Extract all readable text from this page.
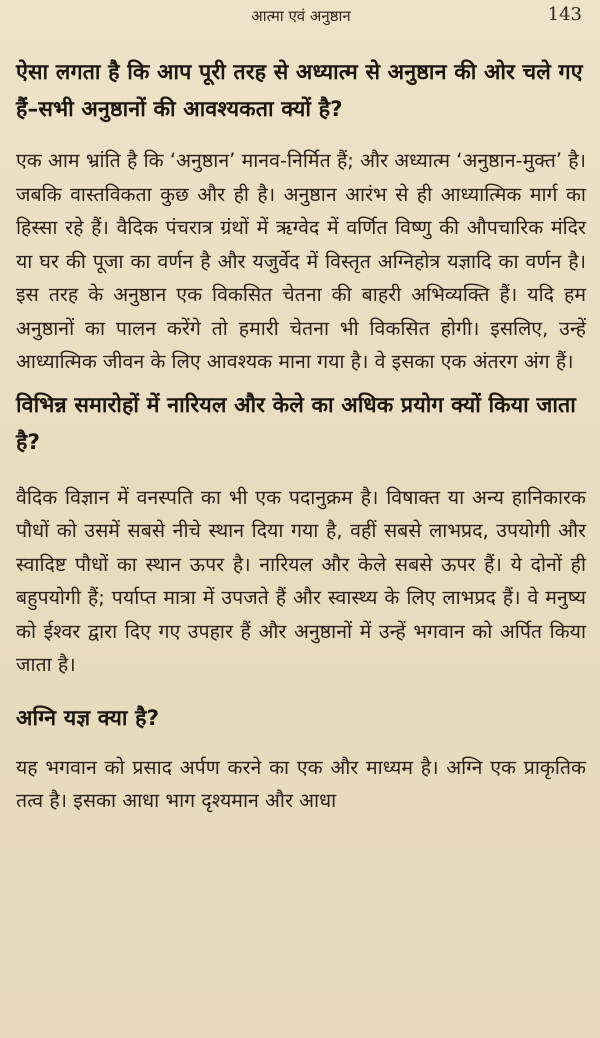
आत्मा एवं अनुष्ठान	143
ऐसा लगता है कि आप पूरी तरह से अध्यात्म से अनुष्ठान की ओर चले गए हैं–सभी अनुष्ठानों की आवश्यकता क्यों है?

एक आम भ्रांति है कि ‘अनुष्ठान’ मानव-निर्मित हैं; और अध्यात्म ‘अनुष्ठान-मुक्त’ है। जबकि वास्तविकता कुछ और ही है। अनुष्ठान आरंभ से ही आध्यात्मिक मार्ग का हिस्सा रहे हैं। वैदिक पंचरात्र ग्रंथों में ऋग्वेद में वर्णित विष्णु की औपचारिक मंदिर या घर की पूजा का वर्णन है और यजुर्वेद में विस्तृत अग्निहोत्र यज्ञादि का वर्णन है। इस तरह के अनुष्ठान एक विकसित चेतना की बाहरी अभिव्यक्ति हैं। यदि हम अनुष्ठानों का पालन करेंगे तो हमारी चेतना भी विकसित होगी। इसलिए, उन्हें आध्यात्मिक जीवन के लिए आवश्यक माना गया है। वे इसका एक अंतरग अंग हैं।

विभिन्न समारोहों में नारियल और केले का अधिक प्रयोग क्यों किया जाता है?

वैदिक विज्ञान में वनस्पति का भी एक पदानुक्रम है। विषाक्त या अन्य हानिकारक पौधों को उसमें सबसे नीचे स्थान दिया गया है, वहीं सबसे लाभप्रद, उपयोगी और स्वादिष्ट पौधों का स्थान ऊपर है। नारियल और केले सबसे ऊपर हैं। ये दोनों ही बहुपयोगी हैं; पर्याप्त मात्रा में उपजते हैं और स्वास्थ्य के लिए लाभप्रद हैं। वे मनुष्य को ईश्वर द्वारा दिए गए उपहार हैं और अनुष्ठानों में उन्हें भगवान को अर्पित किया जाता है।

अग्नि यज्ञ क्या है?

यह भगवान को प्रसाद अर्पण करने का एक और माध्यम है। अग्नि एक प्राकृतिक तत्व है। इसका आधा भाग दृश्यमान और आधा
